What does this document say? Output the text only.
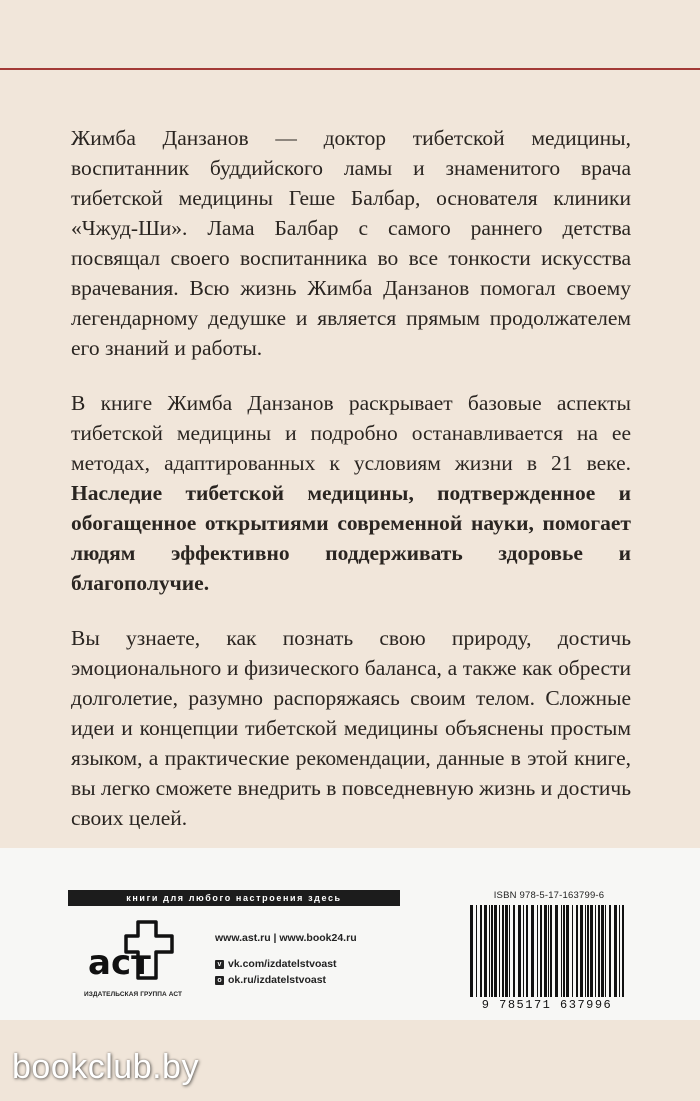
Жимба Данзанов — доктор тибетской медицины, воспитанник буддийского ламы и знаменитого врача тибетской медицины Геше Балбар, основателя клиники «Чжуд-Ши». Лама Балбар с самого раннего детства посвящал своего воспитанника во все тонкости искусства врачевания. Всю жизнь Жимба Данзанов помогал своему легендарному дедушке и является прямым продолжателем его знаний и работы.

В книге Жимба Данзанов раскрывает базовые аспекты тибетской медицины и подробно останавливается на ее методах, адаптированных к условиям жизни в 21 веке. Наследие тибетской медицины, подтвержденное и обогащенное открытиями современной науки, помогает людям эффективно поддерживать здоровье и благополучие.

Вы узнаете, как познать свою природу, достичь эмоционального и физического баланса, а также как обрести долголетие, разумно распоряжаясь своим телом. Сложные идеи и концепции тибетской медицины объяснены простым языком, а практические рекомендации, данные в этой книге, вы легко сможете внедрить в повседневную жизнь и достичь своих целей.

книги для любого настроения здесь
аст
ИЗДАТЕЛЬСКАЯ ГРУППА АСТ
www.ast.ru | www.book24.ru
v vk.com/izdatelstvoast
o ok.ru/izdatelstvoast
ISBN 978-5-17-163799-6
9 785171 637996
bookclub.by
